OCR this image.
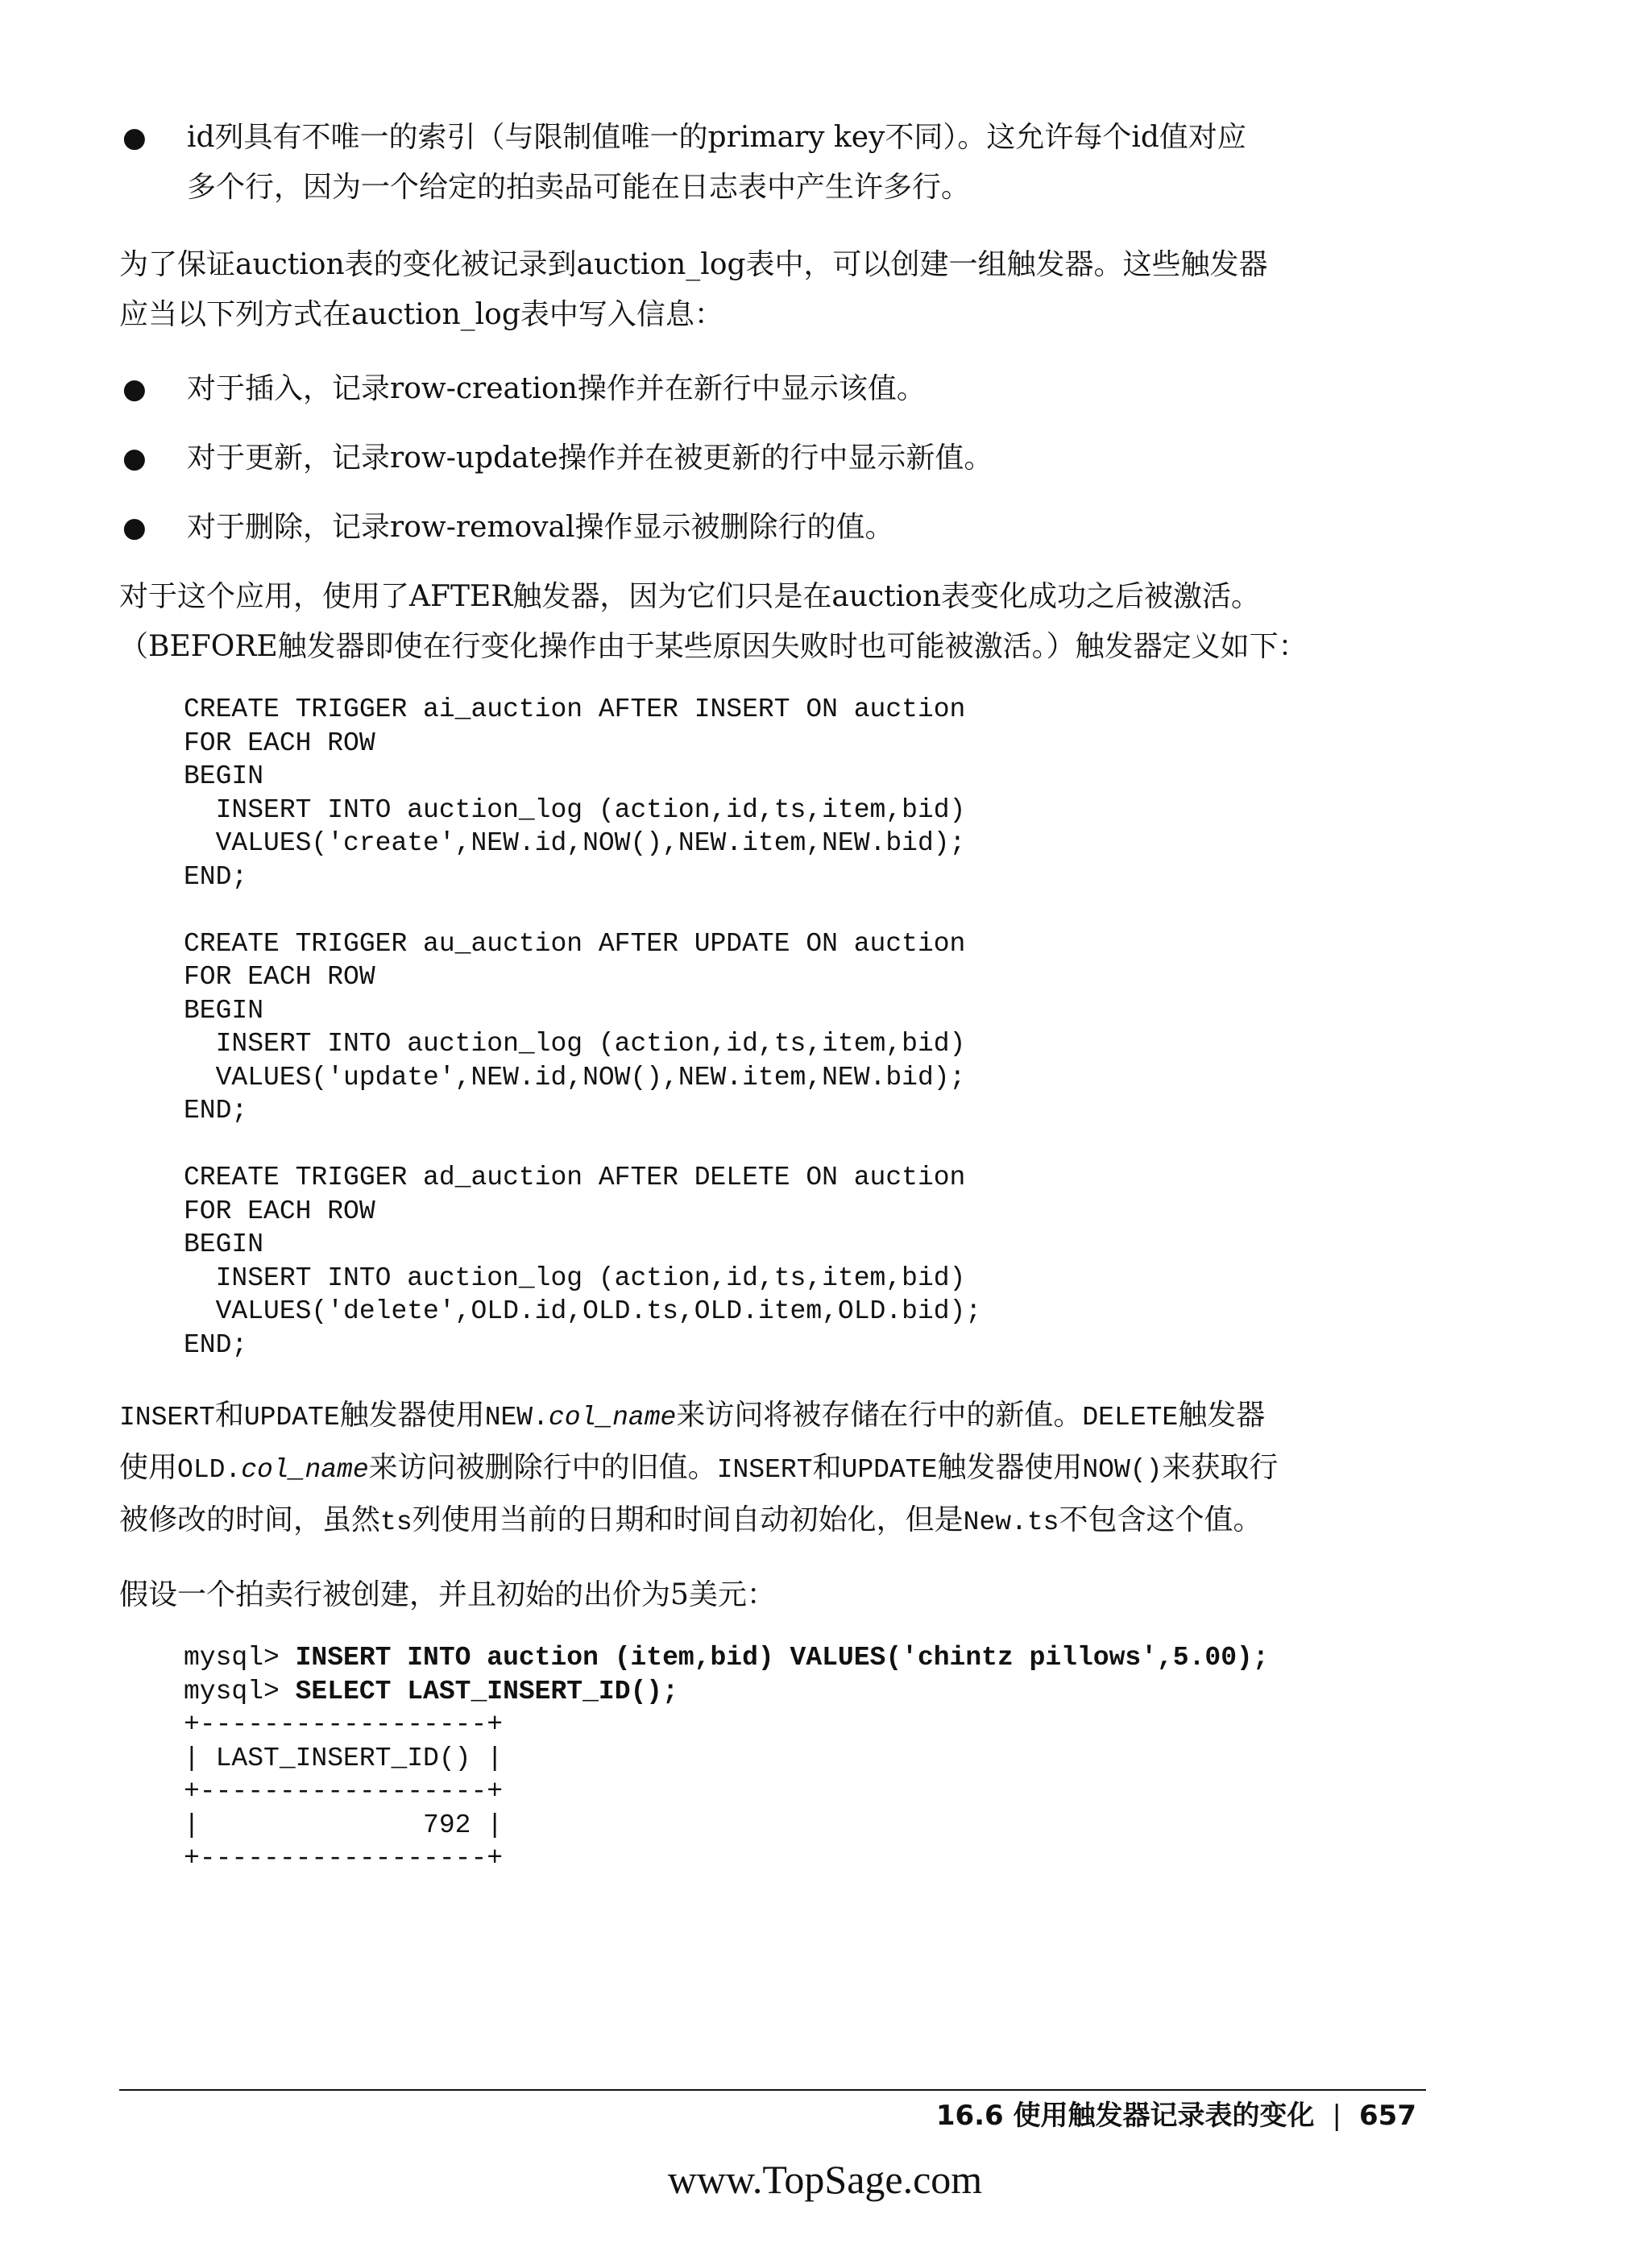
● id列具有不唯一的索引（与限制值唯一的primary key不同）。这允许每个id值对应
多个行，因为一个给定的拍卖品可能在日志表中产生许多行。
为了保证auction表的变化被记录到auction_log表中，可以创建一组触发器。这些触发器
应当以下列方式在auction_log表中写入信息：
● 对于插入，记录row-creation操作并在新行中显示该值。
● 对于更新，记录row-update操作并在被更新的行中显示新值。
● 对于删除，记录row-removal操作显示被删除行的值。
对于这个应用，使用了AFTER触发器，因为它们只是在auction表变化成功之后被激活。
（BEFORE触发器即使在行变化操作由于某些原因失败时也可能被激活。）触发器定义如下：
CREATE TRIGGER ai_auction AFTER INSERT ON auction
FOR EACH ROW
BEGIN
INSERT INTO auction_log (action,id,ts,item,bid)
VALUES('create',NEW.id,NOW(),NEW.item,NEW.bid);
END;
CREATE TRIGGER au_auction AFTER UPDATE ON auction
FOR EACH ROW
BEGIN
INSERT INTO auction_log (action,id,ts,item,bid)
VALUES('update',NEW.id,NOW(),NEW.item,NEW.bid);
END;
CREATE TRIGGER ad_auction AFTER DELETE ON auction
FOR EACH ROW
BEGIN
INSERT INTO auction_log (action,id,ts,item,bid)
VALUES('delete',OLD.id,OLD.ts,OLD.item,OLD.bid);
END;
INSERT和UPDATE触发器使用NEW.col_name来访问将被存储在行中的新值。DELETE触发器
使用OLD.col_name来访问被删除行中的旧值。INSERT和UPDATE触发器使用NOW()来获取行
被修改的时间，虽然ts列使用当前的日期和时间自动初始化，但是New.ts不包含这个值。
假设一个拍卖行被创建，并且初始的出价为5美元：
mysql> INSERT INTO auction (item,bid) VALUES('chintz pillows',5.00);
mysql> SELECT LAST_INSERT_ID();
+------------------+
| LAST_INSERT_ID() |
+------------------+
|              792 |
+------------------+
16.6 使用触发器记录表的变化 | 657
www.TopSage.com
